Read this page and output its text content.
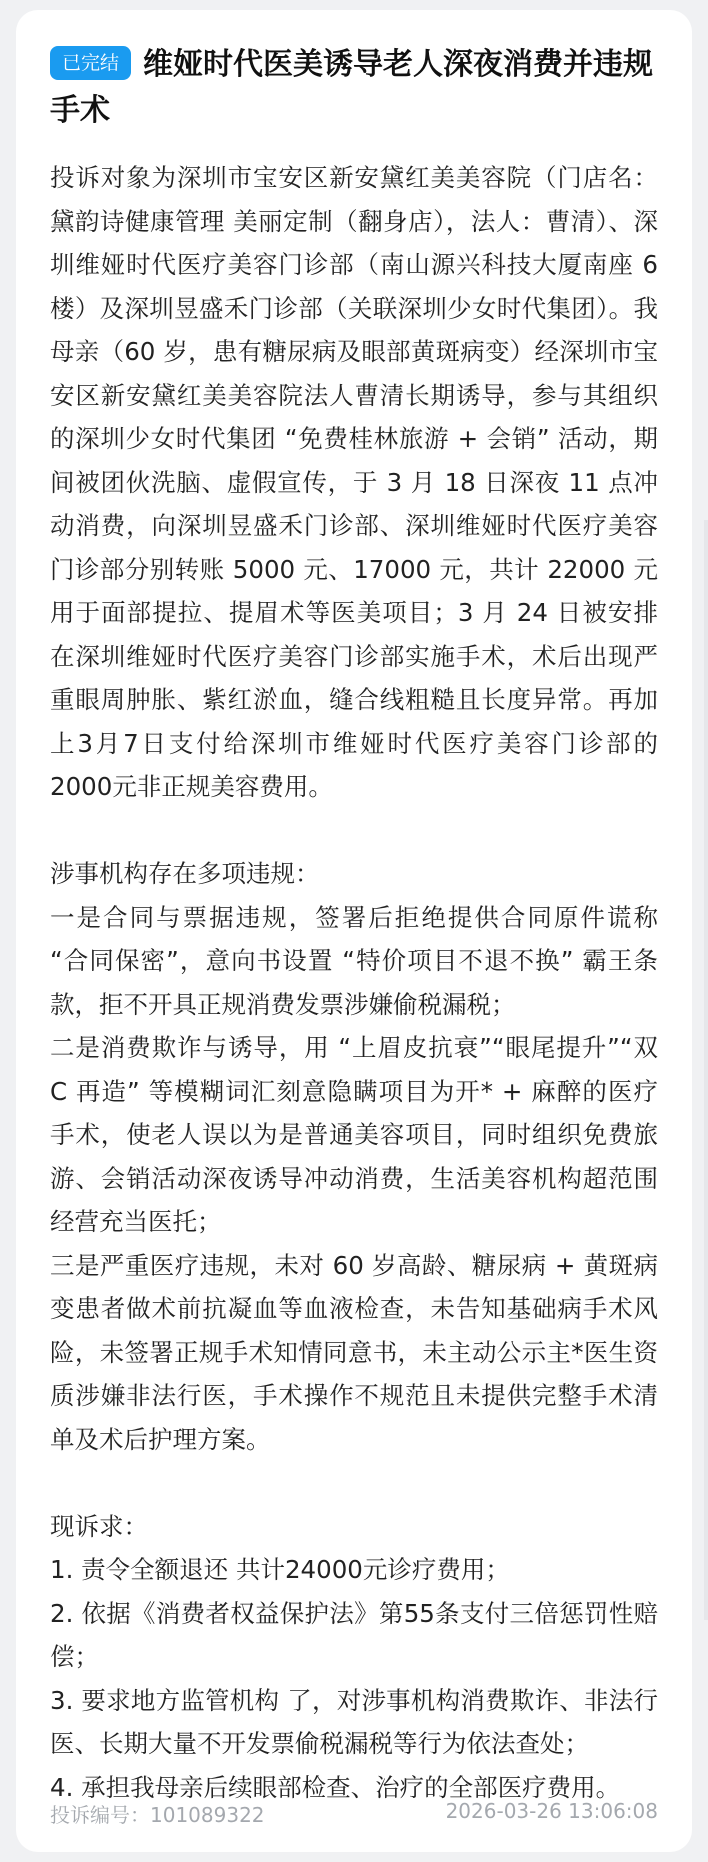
已完结 维娅时代医美诱导老人深夜消费并违规手术

投诉对象为深圳市宝安区新安黛红美美容院（门店名：黛韵诗健康管理 美丽定制（翻身店），法人：曹清）、深圳维娅时代医疗美容门诊部（南山源兴科技大厦南座 6 楼）及深圳昱盛禾门诊部（关联深圳少女时代集团）。我母亲（60 岁，患有糖尿病及眼部黄斑病变）经深圳市宝安区新安黛红美美容院法人曹清长期诱导，参与其组织的深圳少女时代集团 “免费桂林旅游 + 会销” 活动，期间被团伙洗脑、虚假宣传，于 3 月 18 日深夜 11 点冲动消费，向深圳昱盛禾门诊部、深圳维娅时代医疗美容门诊部分别转账 5000 元、17000 元，共计 22000 元用于面部提拉、提眉术等医美项目；3 月 24 日被安排在深圳维娅时代医疗美容门诊部实施手术，术后出现严重眼周肿胀、紫红淤血，缝合线粗糙且长度异常。再加上3月7日支付给深圳市维娅时代医疗美容门诊部的2000元非正规美容费用。

涉事机构存在多项违规：

一是合同与票据违规，签署后拒绝提供合同原件谎称 “合同保密”，意向书设置 “特价项目不退不换” 霸王条款，拒不开具正规消费发票涉嫌偷税漏税；

二是消费欺诈与诱导，用 “上眉皮抗衰”“眼尾提升”“双 C 再造” 等模糊词汇刻意隐瞒项目为开* + 麻醉的医疗手术，使老人误以为是普通美容项目，同时组织免费旅游、会销活动深夜诱导冲动消费，生活美容机构超范围经营充当医托；

三是严重医疗违规，未对 60 岁高龄、糖尿病 + 黄斑病变患者做术前抗凝血等血液检查，未告知基础病手术风险，未签署正规手术知情同意书，未主动公示主*医生资质涉嫌非法行医，手术操作不规范且未提供完整手术清单及术后护理方案。

现诉求：

1. 责令全额退还 共计24000元诊疗费用；

2. 依据《消费者权益保护法》第55条支付三倍惩罚性赔偿；

3. 要求地方监管机构 了，对涉事机构消费欺诈、非法行医、长期大量不开发票偷税漏税等行为依法查处；

4. 承担我母亲后续眼部检查、治疗的全部医疗费用。

投诉编号：101089322	2026-03-26 13:06:08
